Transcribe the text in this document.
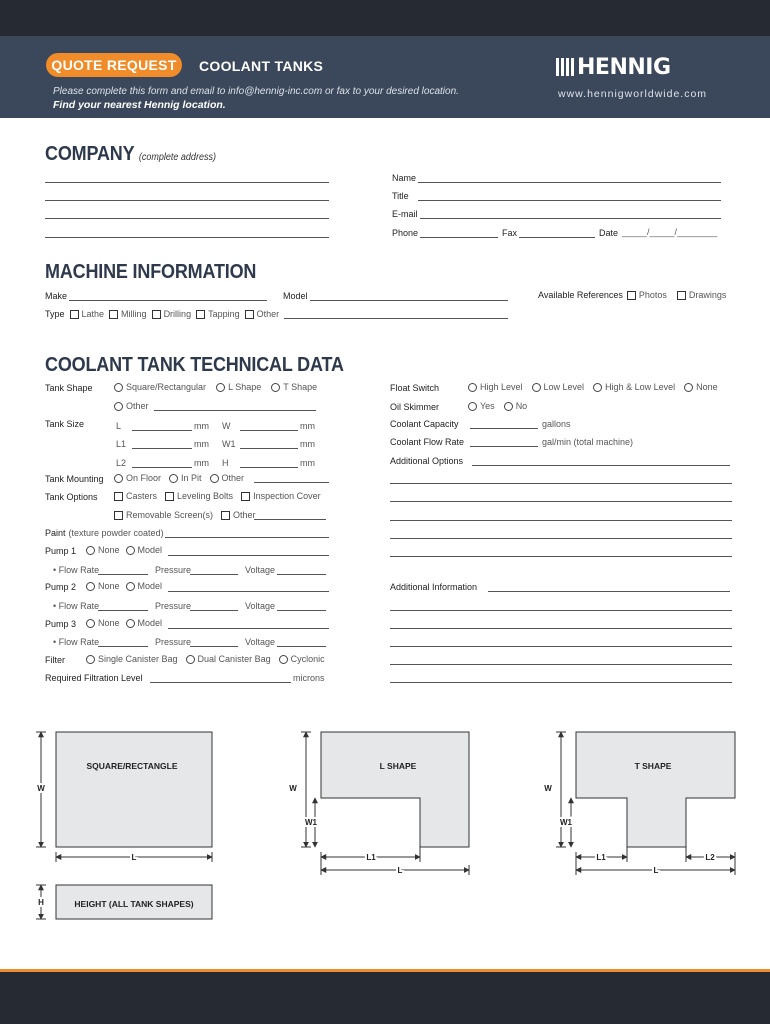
QUOTE REQUEST	COOLANT TANKS
Please complete this form and email to info@hennig-inc.com or fax to your desired location.
Find your nearest Hennig location.
HENNIG
www.hennigworldwide.com
COMPANY (complete address)
Name
Title
E-mail
Phone	Fax	Date _____/_____/________
MACHINE INFORMATION
Make	Model	Available References Photos Drawings
Type Lathe Milling Drilling Tapping Other
COOLANT TANK TECHNICAL DATA
Tank Shape	Square/Rectangular L Shape T Shape
Other
Tank Size	L	mm W	mm
L1	mm W1	mm
L2	mm H	mm
Tank Mounting On Floor In Pit Other
Tank Options	Casters Leveling Bolts Inspection Cover
Removable Screen(s) Other
Paint (texture powder coated)
Pump 1 None Model
• Flow Rate	Pressure	Voltage
Pump 2 None Model
• Flow Rate	Pressure	Voltage
Pump 3 None Model
• Flow Rate	Pressure	Voltage
Filter	Single Canister Bag Dual Canister Bag Cyclonic
Required Filtration Level	microns
Float Switch	High Level Low Level High & Low Level None
Oil Skimmer	Yes No
Coolant Capacity	gallons
Coolant Flow Rate	gal/min (total machine)
Additional Options
Additional Information
SQUARE/RECTANGLE
HEIGHT (ALL TANK SHAPES)
L SHAPE	T SHAPE
W
L
H
W
W1
L1
L
W
W1
L1	L2
L
